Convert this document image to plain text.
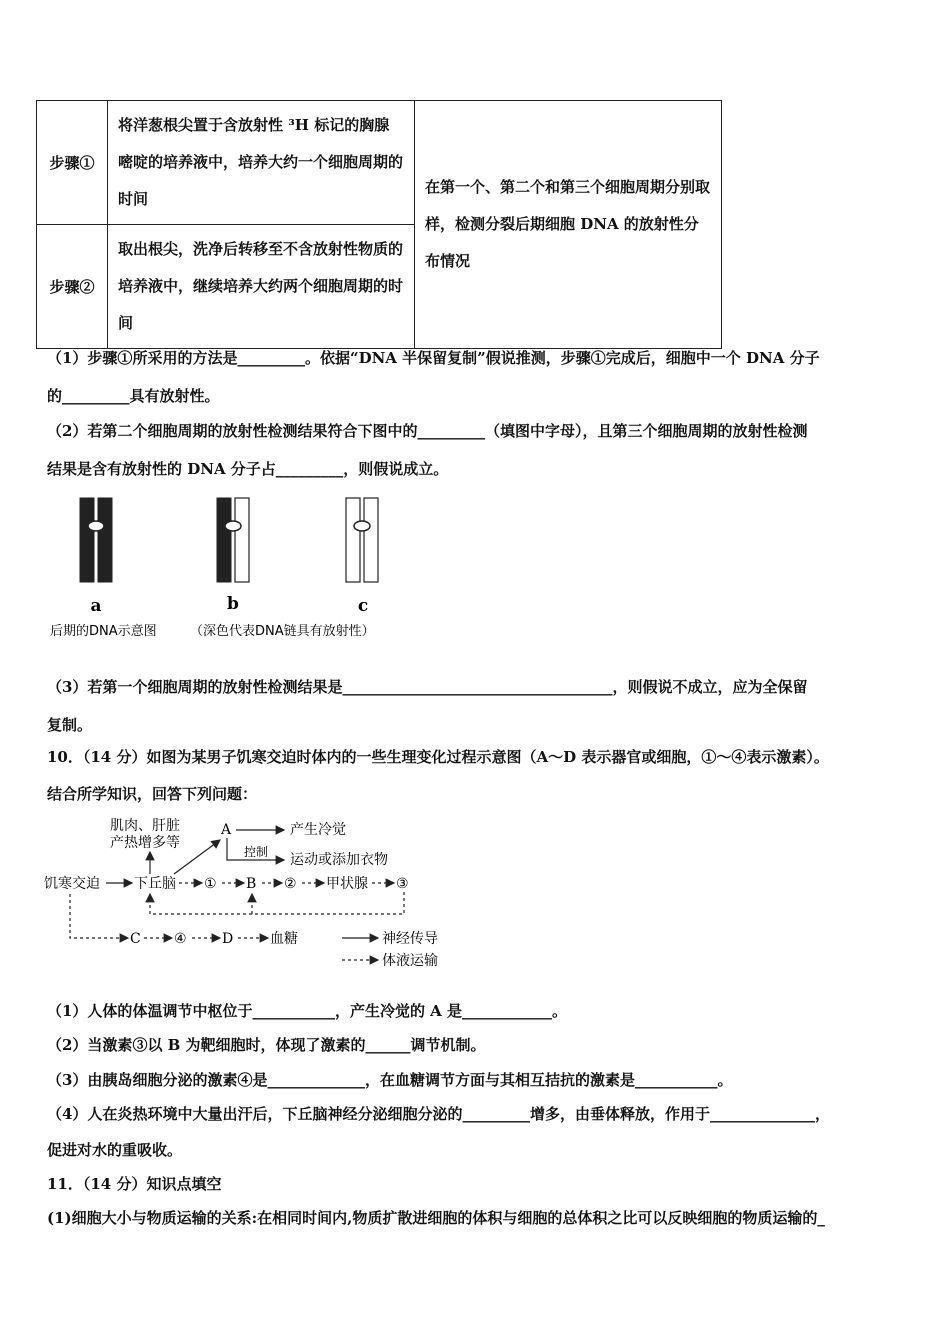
步骤①	将洋葱根尖置于含放射性 ³H 标记的胸腺嘧啶的培养液中，培养大约一个细胞周期的时间	在第一个、第二个和第三个细胞周期分别取样，检测分裂后期细胞 DNA 的放射性分布情况
步骤②	取出根尖，洗净后转移至不含放射性物质的培养液中，继续培养大约两个细胞周期的时间	
（1）步骤①所采用的方法是_________。依据“DNA 半保留复制”假说推测，步骤①完成后，细胞中一个 DNA 分子
的_________具有放射性。
（2）若第二个细胞周期的放射性检测结果符合下图中的_________（填图中字母），且第三个细胞周期的放射性检测
结果是含有放射性的 DNA 分子占_________，则假说成立。
a	b	c
后期的DNA示意图	（深色代表DNA链具有放射性）
（3）若第一个细胞周期的放射性检测结果是____________________________________，则假说不成立，应为全保留
复制。
10．（14 分）如图为某男子饥寒交迫时体内的一些生理变化过程示意图（A～D 表示器官或细胞，①～④表示激素）。
结合所学知识，回答下列问题：
肌肉、肝脏
产热增多等
A	产生冷觉
控制 运动或添加衣物
饥寒交迫 下丘脑 ① B ② 甲状腺 ③
C ④	D	血糖	神经传导
体液运输
（1）人体的体温调节中枢位于___________，产生冷觉的 A 是____________。
（2）当激素③以 B 为靶细胞时，体现了激素的______调节机制。
（3）由胰岛细胞分泌的激素④是_____________，在血糖调节方面与其相互拮抗的激素是___________。
（4）人在炎热环境中大量出汗后，下丘脑神经分泌细胞分泌的_________增多，由垂体释放，作用于______________，
促进对水的重吸收。
11．（14 分）知识点填空
(1)细胞大小与物质运输的关系:在相同时间内,物质扩散进细胞的体积与细胞的总体积之比可以反映细胞的物质运输的_
